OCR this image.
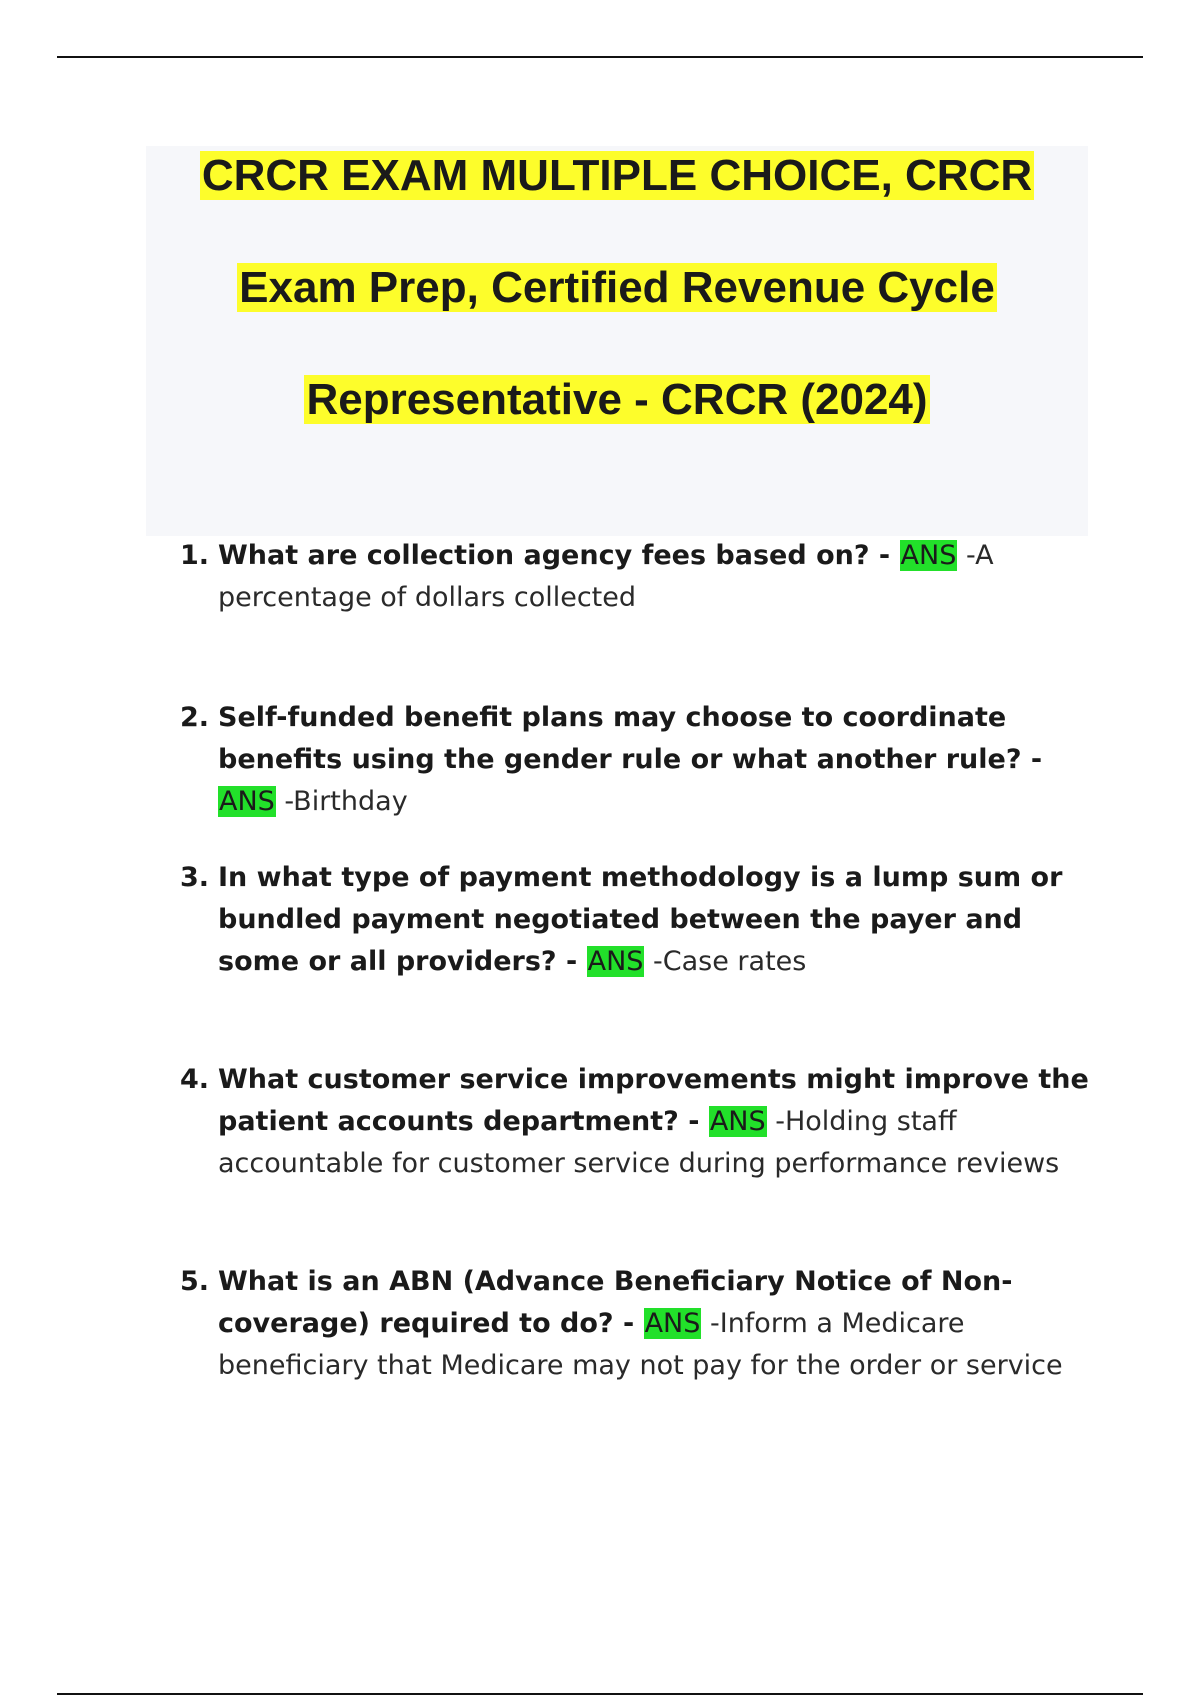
CRCR EXAM MULTIPLE CHOICE, CRCR
Exam Prep, Certified Revenue Cycle
Representative - CRCR (2024)
1. What are collection agency fees based on? - ANS -A percentage of dollars collected
2. Self-funded benefit plans may choose to coordinate benefits using the gender rule or what another rule? - ANS -Birthday
3. In what type of payment methodology is a lump sum or bundled payment negotiated between the payer and some or all providers? - ANS -Case rates
4. What customer service improvements might improve the patient accounts department? - ANS -Holding staff accountable for customer service during performance reviews
5. What is an ABN (Advance Beneficiary Notice of Non-coverage) required to do? - ANS -Inform a Medicare beneficiary that Medicare may not pay for the order or service
